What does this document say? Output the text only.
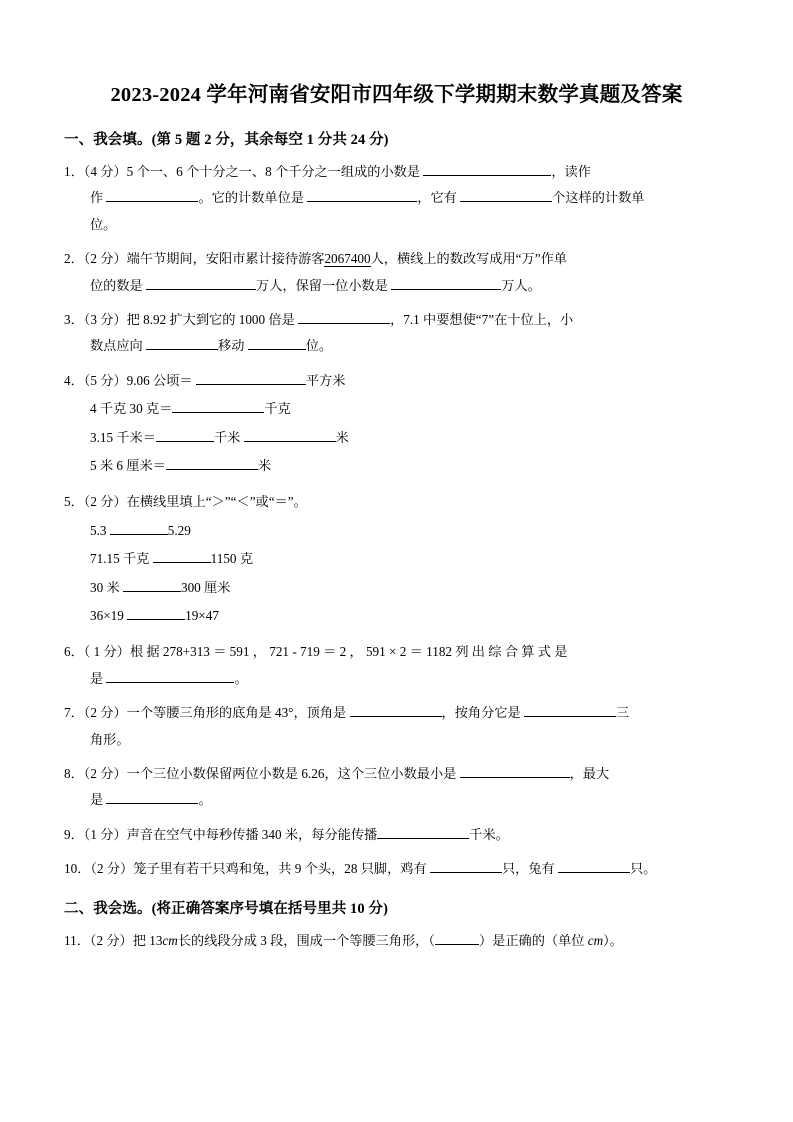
2023-2024 学年河南省安阳市四年级下学期期末数学真题及答案
一、我会填。(第 5 题 2 分，其余每空 1 分共 24 分)

1．（4 分）5 个一、6 个十分之一、8 个千分之一组成的小数是	，读作
作	。它的计数单位是	，它有	个这样的计数单
位。

2．（2 分）端午节期间，安阳市累计接待游客2067400人，横线上的数改写成用“万”作单
位的数是	万人，保留一位小数是	万人。

3．（3 分）把 8.92 扩大到它的 1000 倍是	，7.1 中要想使“7”在十位上，小
数点应向	移动	位。

4．（5 分）9.06 公顷＝	平方米

4 千克 30 克＝	千克

3.15 千米＝	千米	米

5 米 6 厘米＝	米

5．（2 分）在横线里填上“＞”“＜”或“＝”。

5.3	5.29

71.15 千克	1150 克

30 米	300 厘米

36×19	19×47

6．（ 1 分）根 据 278+313 ＝ 591 ， 721 - 719 ＝ 2 ， 591 × 2 ＝ 1182 列 出 综 合 算 式 是
是	。

7．（2 分）一个等腰三角形的底角是 43°，顶角是	，按角分它是	三
角形。

8．（2 分）一个三位小数保留两位小数是 6.26，这个三位小数最小是	，最大
是	。

9．（1 分）声音在空气中每秒传播 340 米，每分能传播	千米。

10．（2 分）笼子里有若干只鸡和兔，共 9 个头，28 只脚，鸡有	只，兔有	只。

二、我会选。(将正确答案序号填在括号里共 10 分)

11．（2 分）把 13cm长的线段分成 3 段，围成一个等腰三角形，（	）是正确的（单位 cm）。
